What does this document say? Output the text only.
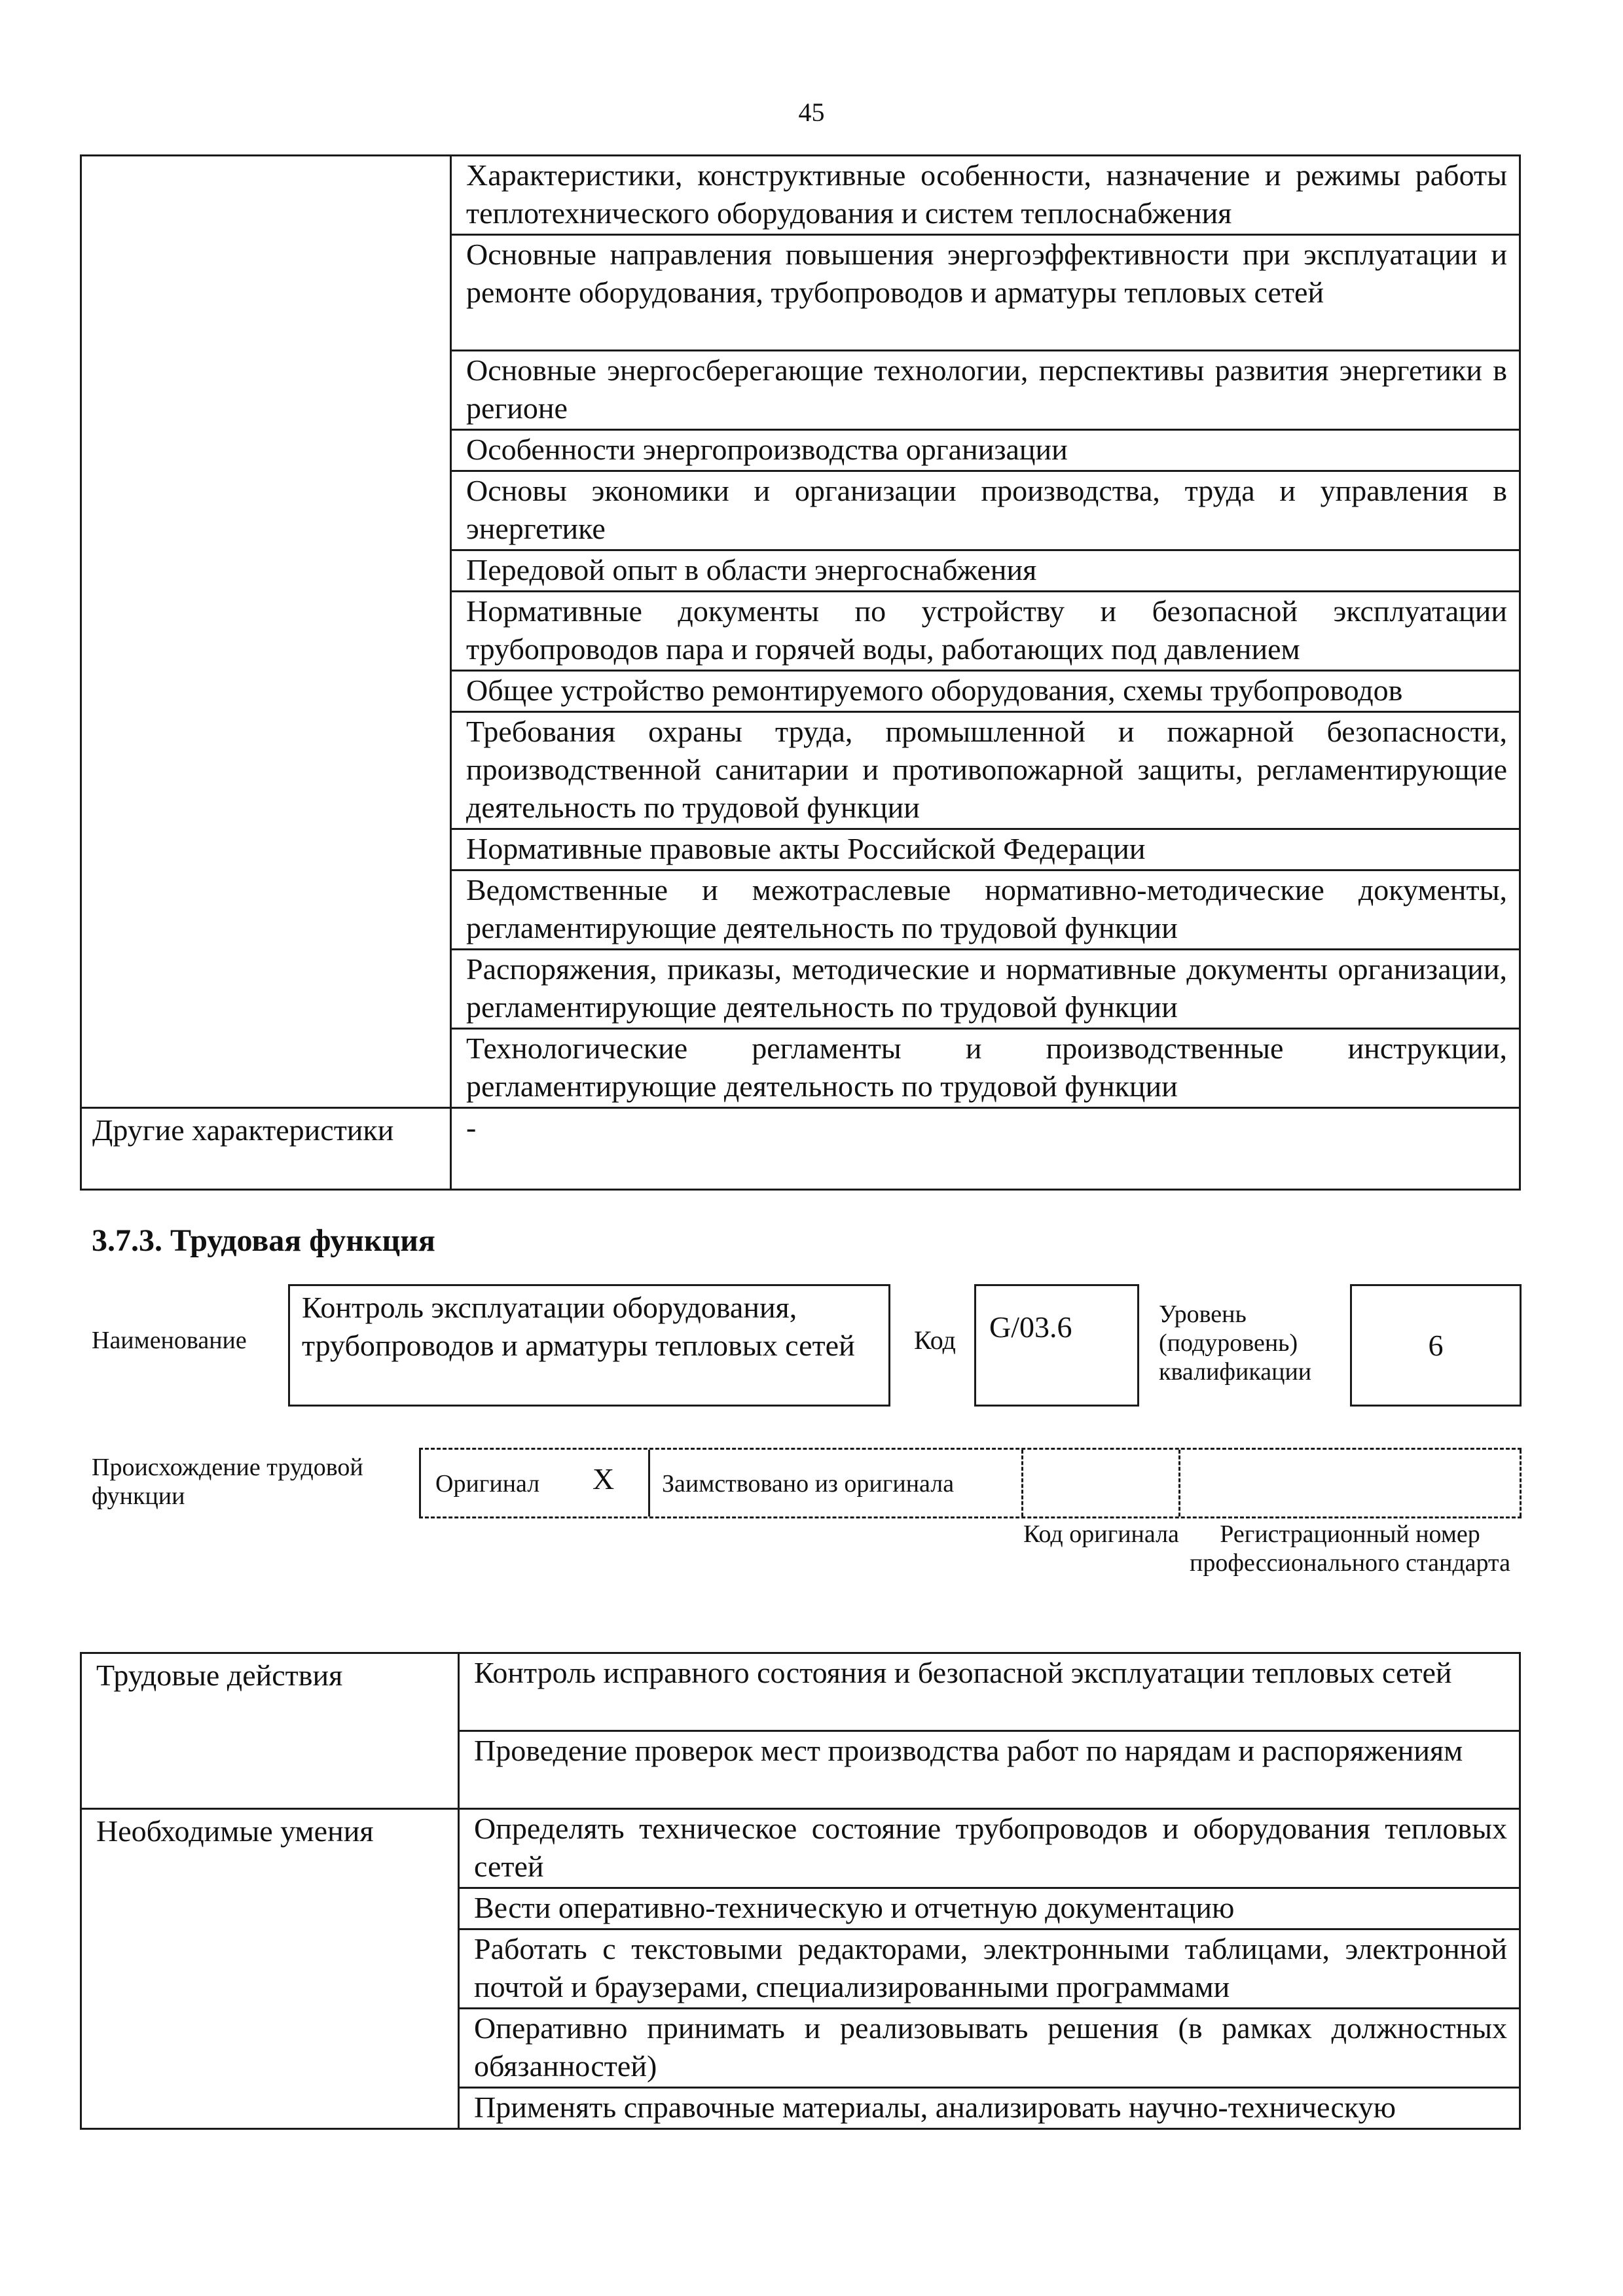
45
	Характеристики, конструктивные особенности, назначение и режимы работы теплотехнического оборудования и систем теплоснабжения
	Основные направления повышения энергоэффективности при эксплуатации и ремонте оборудования, трубопроводов и арматуры тепловых сетей
	Основные энергосберегающие технологии, перспективы развития энергетики в регионе
	Особенности энергопроизводства организации
	Основы экономики и организации производства, труда и управления в энергетике
	Передовой опыт в области энергоснабжения
	Нормативные документы по устройству и безопасной эксплуатации трубопроводов пара и горячей воды, работающих под давлением
	Общее устройство ремонтируемого оборудования, схемы трубопроводов
	Требования охраны труда, промышленной и пожарной безопасности, производственной санитарии и противопожарной защиты, регламентирующие деятельность по трудовой функции
	Нормативные правовые акты Российской Федерации
	Ведомственные и межотраслевые нормативно-методические документы, регламентирующие деятельность по трудовой функции
	Распоряжения, приказы, методические и нормативные документы организации, регламентирующие деятельность по трудовой функции
	Технологические регламенты и производственные инструкции, регламентирующие деятельность по трудовой функции
Другие характеристики	-
3.7.3. Трудовая функция
Наименование
Контроль эксплуатации оборудования, трубопроводов и арматуры тепловых сетей	Код	G/03.6	Уровень (подуровень) квалификации
6
Происхождение трудовой функции	Оригинал X Заимствовано из оригинала
Код оригинала	Регистрационный номер профессионального стандарта
Трудовые действия	Контроль исправного состояния и безопасной эксплуатации тепловых сетей
	Проведение проверок мест производства работ по нарядам и распоряжениям
Необходимые умения	Определять техническое состояние трубопроводов и оборудования тепловых сетей
	Вести оперативно-техническую и отчетную документацию
	Работать с текстовыми редакторами, электронными таблицами, электронной почтой и браузерами, специализированными программами
	Оперативно принимать и реализовывать решения (в рамках должностных обязанностей)
	Применять справочные материалы, анализировать научно-техническую
